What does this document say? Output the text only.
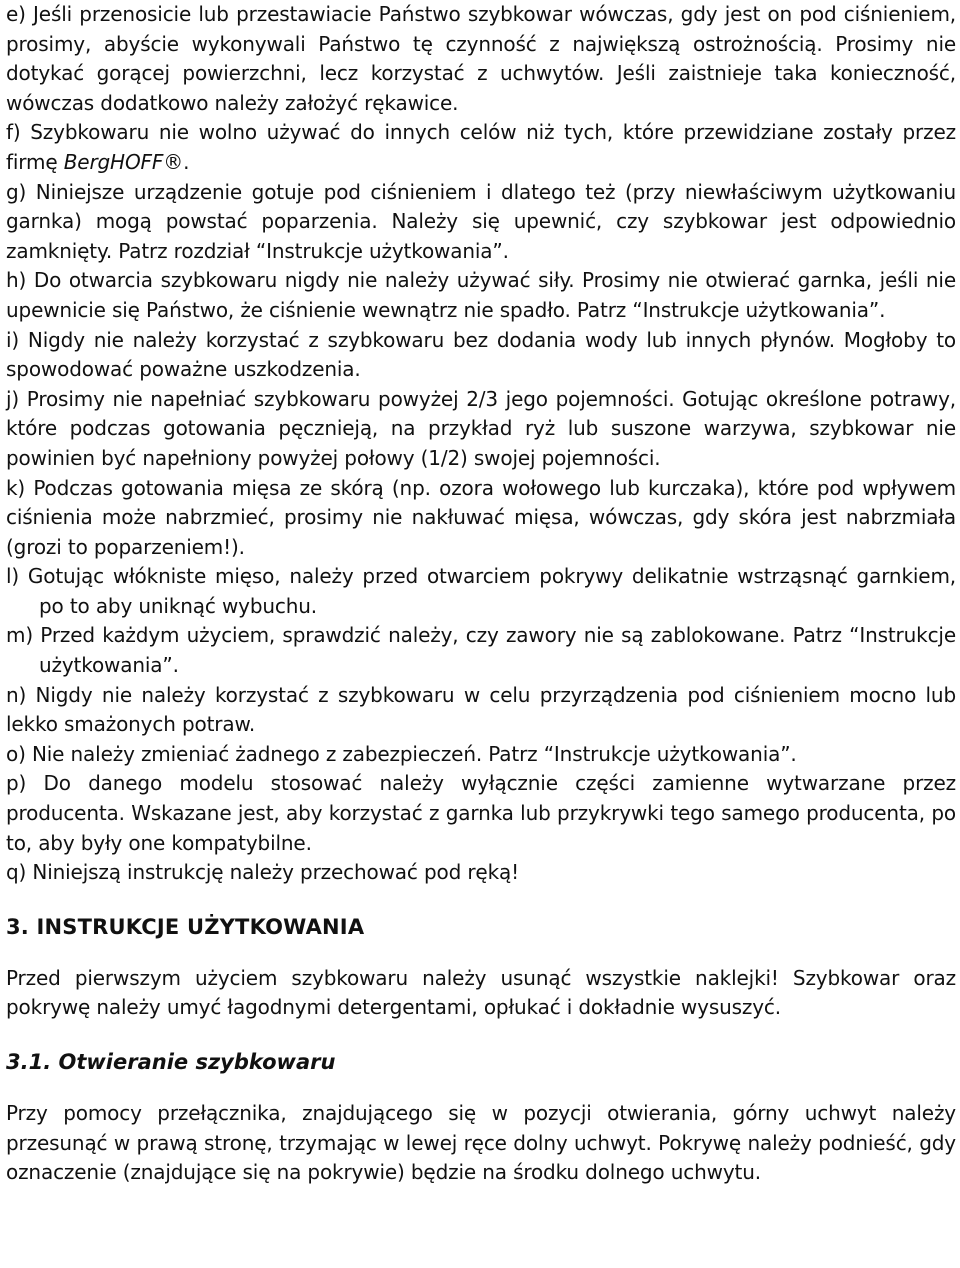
e) Jeśli przenosicie lub przestawiacie Państwo szybkowar wówczas, gdy jest on pod ciśnieniem, prosimy, abyście wykonywali Państwo tę czynność z największą ostrożnością. Prosimy nie dotykać gorącej powierzchni, lecz korzystać z uchwytów. Jeśli zaistnieje taka konieczność, wówczas dodatkowo należy założyć rękawice.

f) Szybkowaru nie wolno używać do innych celów niż tych, które przewidziane zostały przez firmę BergHOFF®.

g) Niniejsze urządzenie gotuje pod ciśnieniem i dlatego też (przy niewłaściwym użytkowaniu garnka) mogą powstać poparzenia. Należy się upewnić, czy szybkowar jest odpowiednio zamknięty. Patrz rozdział “Instrukcje użytkowania”.

h) Do otwarcia szybkowaru nigdy nie należy używać siły. Prosimy nie otwierać garnka, jeśli nie upewnicie się Państwo, że ciśnienie wewnątrz nie spadło. Patrz “Instrukcje użytkowania”.

i) Nigdy nie należy korzystać z szybkowaru bez dodania wody lub innych płynów. Mogłoby to spowodować poważne uszkodzenia.

j) Prosimy nie napełniać szybkowaru powyżej 2/3 jego pojemności. Gotując określone potrawy, które podczas gotowania pęcznieją, na przykład ryż lub suszone warzywa, szybkowar nie powinien być napełniony powyżej połowy (1/2) swojej pojemności.

k) Podczas gotowania mięsa ze skórą (np. ozora wołowego lub kurczaka), które pod wpływem ciśnienia może nabrzmieć, prosimy nie nakłuwać mięsa, wówczas, gdy skóra jest nabrzmiała (grozi to poparzeniem!).

l) Gotując włókniste mięso, należy przed otwarciem pokrywy delikatnie wstrząsnąć garnkiem, po to aby uniknąć wybuchu.

m) Przed każdym użyciem, sprawdzić należy, czy zawory nie są zablokowane. Patrz “Instrukcje użytkowania”.

n) Nigdy nie należy korzystać z szybkowaru w celu przyrządzenia pod ciśnieniem mocno lub lekko smażonych potraw.

o) Nie należy zmieniać żadnego z zabezpieczeń. Patrz “Instrukcje użytkowania”.

p) Do danego modelu stosować należy wyłącznie części zamienne wytwarzane przez producenta. Wskazane jest, aby korzystać z garnka lub przykrywki tego samego producenta, po to, aby były one kompatybilne.

q) Niniejszą instrukcję należy przechować pod ręką!

3. INSTRUKCJE UŻYTKOWANIA

Przed pierwszym użyciem szybkowaru należy usunąć wszystkie naklejki! Szybkowar oraz pokrywę należy umyć łagodnymi detergentami, opłukać i dokładnie wysuszyć.

3.1. Otwieranie szybkowaru

Przy pomocy przełącznika, znajdującego się w pozycji otwierania, górny uchwyt należy przesunąć w prawą stronę, trzymając w lewej ręce dolny uchwyt. Pokrywę należy podnieść, gdy oznaczenie (znajdujące się na pokrywie) będzie na środku dolnego uchwytu.
